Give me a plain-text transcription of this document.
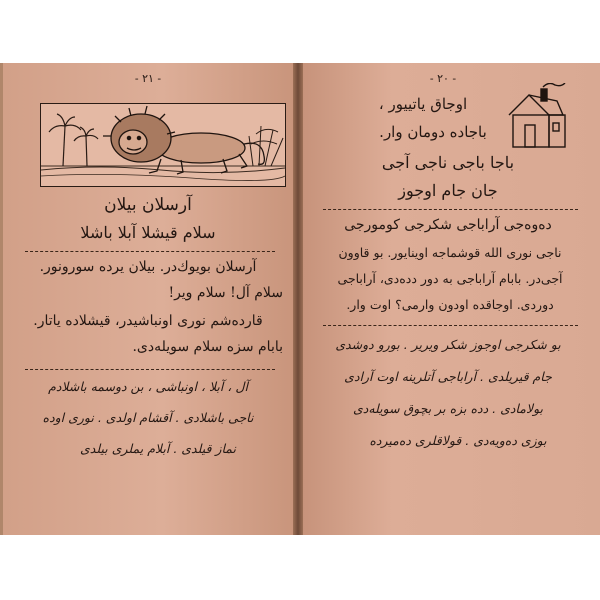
- ٢١ -
آرسلان بيلان
سلام قيشلا آبلا باشلا
آرسلان بويوك‌در. بيلان يرده سورونور.
سلام آل! سلام وير!
قارده‌شم نوری اونباشيدر، قيشلاده ياتار.
بابام سزه سلام سويله‌دی.
آل ، آبلا ، اونباشی ، بن دوسمه باشلادم
ناجی باشلادی . آقشام اولدی . نوری اوده
نماز قیلدی . آبلام یملری بیلدی
- ٢٠ -
اوجاق ياتييور ،
باجاده دومان وار.
باجا باجی ناجی آجی
جان جام اوجوز
ده‌وه‌جی آراباجی شكرجی كومورجی
ناجی نوری الله قوشماجه اوينايور. بو قاوون
آجی‌در. بابام آراباجی به دور دده‌دی، آراباجی
دوردی. اوجاقده اودون وارمی؟ اوت وار.
بو شكرجی اوجوز شكر ويرير . بورو دوشدی
جام قيريلدی . آراباجی آتلرينه اوت آرادی
بولامادی . دده بزه بر بچوق سويله‌دی
بوزی ده‌ويه‌دی . قولاقلری ده‌ميرده
